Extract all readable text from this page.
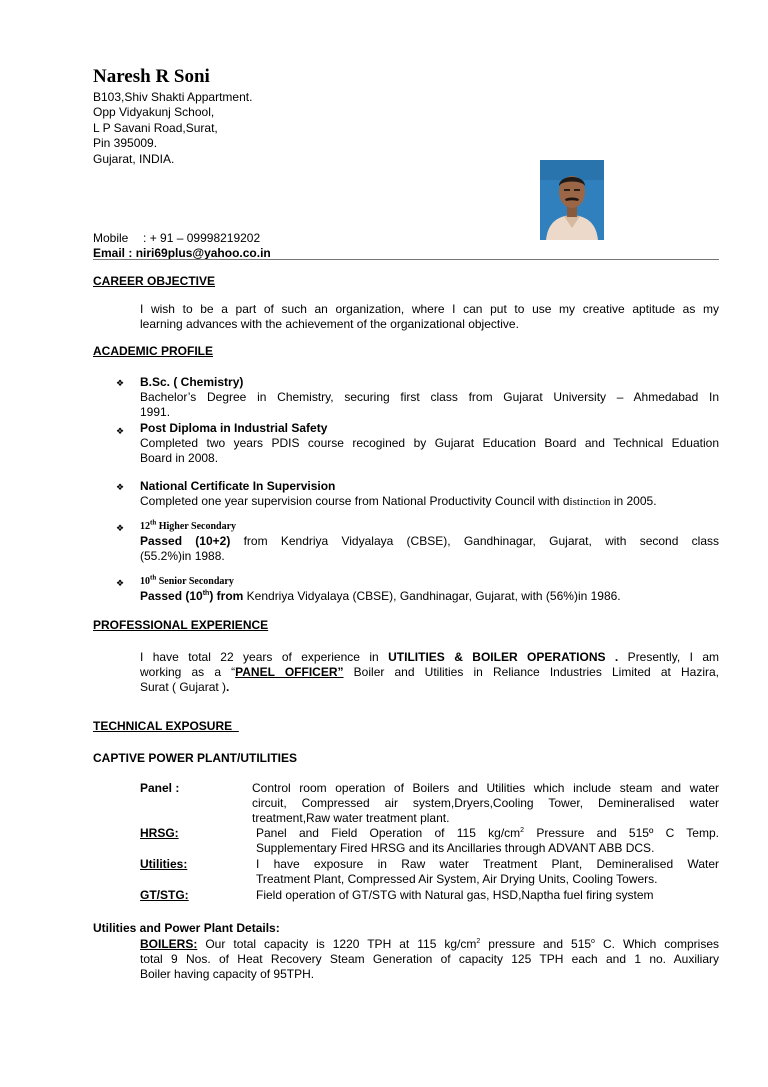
Naresh R Soni
B103,Shiv Shakti Appartment.
Opp Vidyakunj School,
L P Savani Road,Surat,
Pin 395009.
Gujarat, INDIA.
Mobile : + 91 – 09998219202
Email : niri69plus@yahoo.co.in
CAREER OBJECTIVE
I wish to be a part of such an organization, where I can put to use my creative aptitude as my
learning advances with the achievement of the organizational objective.
ACADEMIC PROFILE
❖ B.Sc. ( Chemistry)
Bachelor’s Degree in Chemistry, securing first class from Gujarat University – Ahmedabad In
1991.
❖ Post Diploma in Industrial Safety
Completed two years PDIS course recogined by Gujarat Education Board and Technical Eduation
Board in 2008.
❖ National Certificate In Supervision
Completed one year supervision course from National Productivity Council with distinction in 2005.
❖ 12th Higher Secondary
Passed (10+2) from Kendriya Vidyalaya (CBSE), Gandhinagar, Gujarat, with second class
(55.2%)in 1988.
❖ 10th Senior Secondary
Passed (10th) from Kendriya Vidyalaya (CBSE), Gandhinagar, Gujarat, with (56%)in 1986.
PROFESSIONAL EXPERIENCE
I have total 22 years of experience in UTILITIES & BOILER OPERATIONS . Presently, I am
working as a “PANEL OFFICER” Boiler and Utilities in Reliance Industries Limited at Hazira,
Surat ( Gujarat ).
TECHNICAL EXPOSURE
CAPTIVE POWER PLANT/UTILITIES
Panel :	Control room operation of Boilers and Utilities which include steam and water
circuit, Compressed air system,Dryers,Cooling Tower, Demineralised water
treatment,Raw water treatment plant.
HRSG:	Panel and Field Operation of 115 $kg/cm^2$ Pressure and 515º C Temp.
Supplementary Fired HRSG and its Ancillaries through ADVANT ABB DCS.
Utilities:	I have exposure in Raw water Treatment Plant, Demineralised Water
Treatment Plant, Compressed Air System, Air Drying Units, Cooling Towers.
GT/STG:	Field operation of GT/STG with Natural gas, HSD,Naptha fuel firing system
Utilities and Power Plant Details:
BOILERS: Our total capacity is 1220 TPH at 115 $kg/cm^2$ pressure and 515$^o$ C. Which comprises
total 9 Nos. of Heat Recovery Steam Generation of capacity 125 TPH each and 1 no. Auxiliary
Boiler having capacity of 95TPH.
